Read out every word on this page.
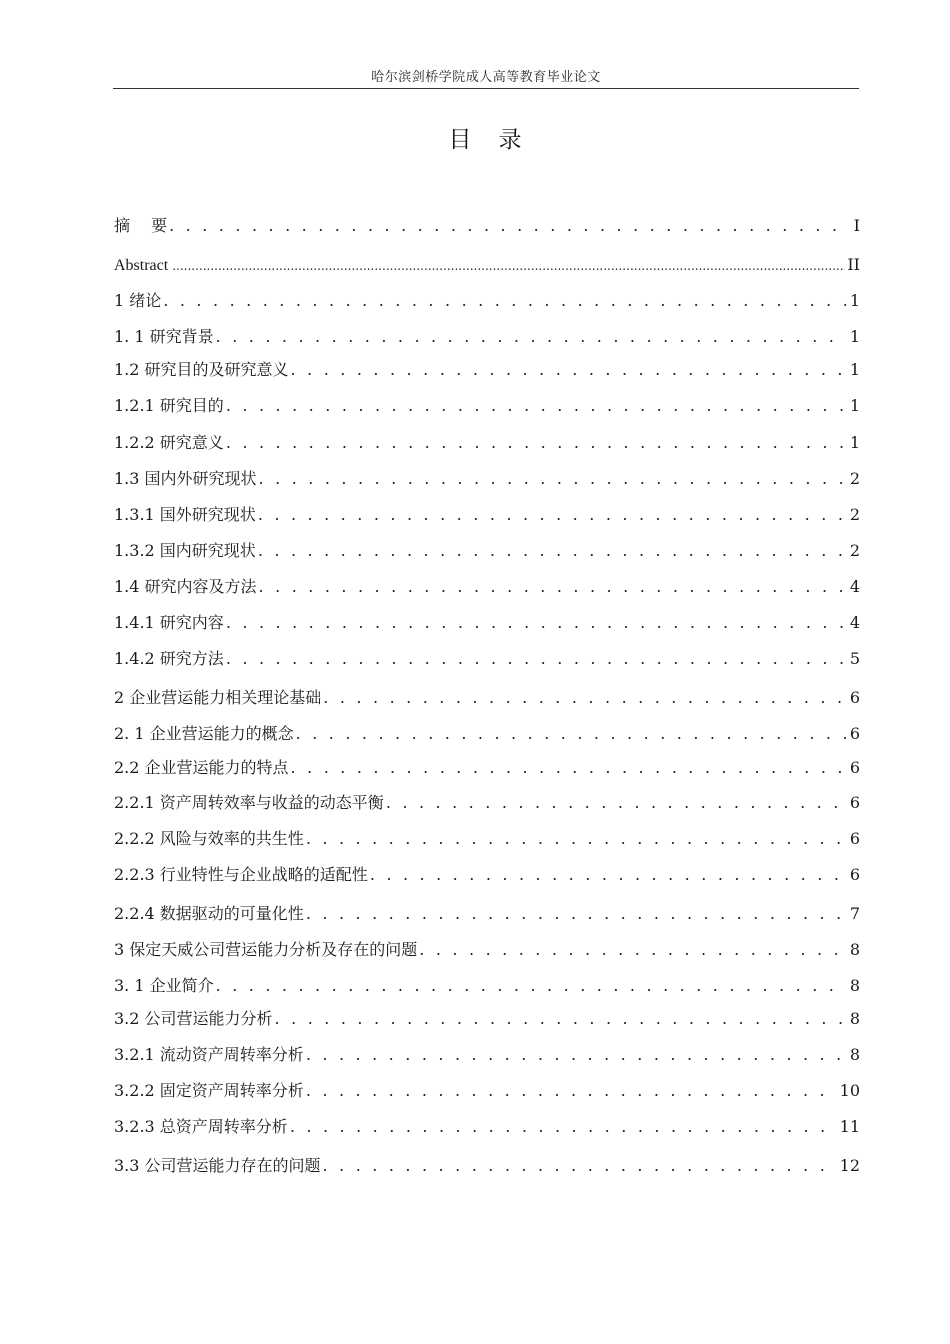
哈尔滨剑桥学院成人高等教育毕业论文
目　录
摘　 要 . . .	I
Abstract .....	II
1 绪论 . . .	1
1. 1 研究背景 . . .	1
1.2 研究目的及研究意义 . . .	1
1.2.1 研究目的 . . .	1
1.2.2 研究意义 . . .	1
1.3 国内外研究现状 . . .	2
1.3.1 国外研究现状 . . .	2
1.3.2 国内研究现状 . . .	2
1.4 研究内容及方法 . . .	4
1.4.1 研究内容 . . .	4
1.4.2 研究方法 . . .	5
2 企业营运能力相关理论基础 . . .	6
2. 1 企业营运能力的概念 . . .	6
2.2 企业营运能力的特点 . . .	6
2.2.1 资产周转效率与收益的动态平衡 . . .	6
2.2.2 风险与效率的共生性 . . .	6
2.2.3 行业特性与企业战略的适配性 . . .	6
2.2.4 数据驱动的可量化性 . . .	7
3 保定天威公司营运能力分析及存在的问题 . . .	8
3. 1 企业简介 . . .	8
3.2 公司营运能力分析 . . .	8
3.2.1 流动资产周转率分析 . . .	8
3.2.2 固定资产周转率分析 . . .	10
3.2.3 总资产周转率分析 . . .	11
3.3 公司营运能力存在的问题 . . .	12
